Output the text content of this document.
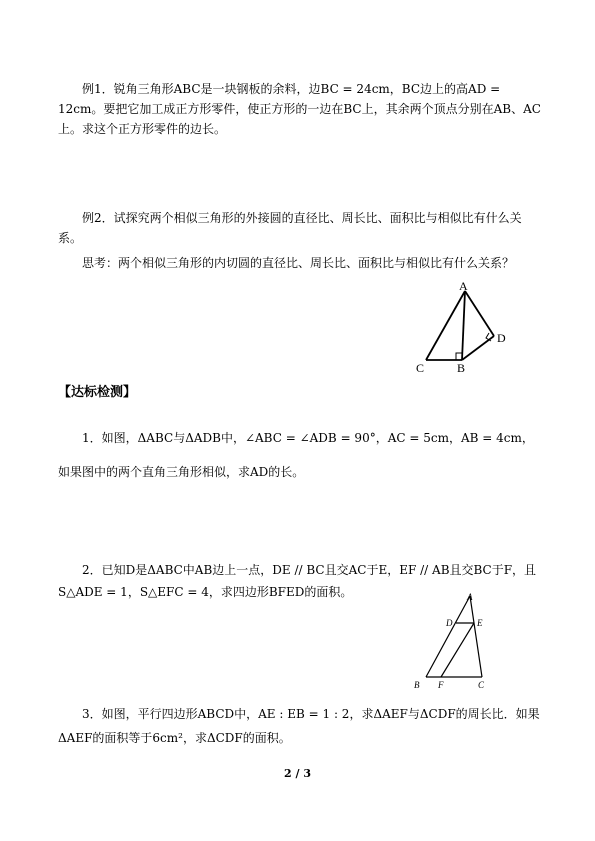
例1．锐角三角形ABC是一块钢板的余料，边BC = 24cm，BC边上的高AD = 12cm。要把它加工成正方形零件，使正方形的一边在BC上，其余两个顶点分别在AB、AC上。求这个正方形零件的边长。
例2．试探究两个相似三角形的外接圆的直径比、周长比、面积比与相似比有什么关系。
思考：两个相似三角形的内切圆的直径比、周长比、面积比与相似比有什么关系？
A
C	B
D
【达标检测】
1．如图，ΔABC与ΔADB中，∠ABC = ∠ADB = 90°，AC = 5cm，AB = 4cm，如果图中的两个直角三角形相似，求AD的长。
2．已知D是ΔABC中AB边上一点，DE // BC且交AC于E，EF // AB且交BC于F，且
S△ADE = 1，S△EFC = 4，求四边形BFED的面积。	A
D	E
B F	C
3．如图，平行四边形ABCD中，AE : EB = 1 : 2，求ΔAEF与ΔCDF的周长比．如果ΔAEF的面积等于6cm²，求ΔCDF的面积。
2 / 3
